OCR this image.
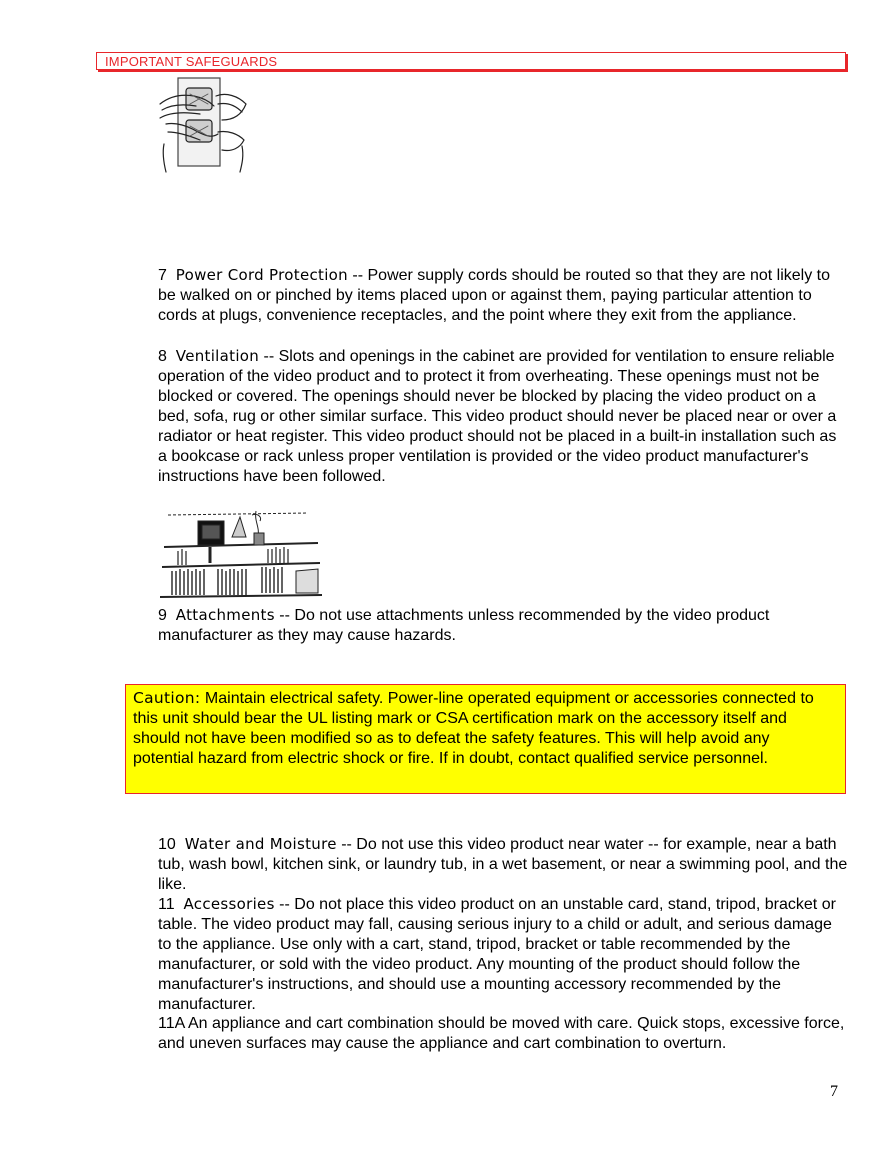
IMPORTANT SAFEGUARDS
7 Power Cord Protection -- Power supply cords should be routed so that they are not likely to be walked on or pinched by items placed upon or against them, paying particular attention to cords at plugs, convenience receptacles, and the point where they exit from the appliance.
8 Ventilation -- Slots and openings in the cabinet are provided for ventilation to ensure reliable operation of the video product and to protect it from overheating. These openings must not be blocked or covered. The openings should never be blocked by placing the video product on a bed, sofa, rug or other similar surface. This video product should never be placed near or over a radiator or heat register. This video product should not be placed in a built-in installation such as a bookcase or rack unless proper ventilation is provided or the video product manufacturer's instructions have been followed.
9 Attachments -- Do not use attachments unless recommended by the video product manufacturer as they may cause hazards.
Caution: Maintain electrical safety. Power-line operated equipment or accessories connected to this unit should bear the UL listing mark or CSA certification mark on the accessory itself and should not have been modified so as to defeat the safety features. This will help avoid any potential hazard from electric shock or fire. If in doubt, contact qualified service personnel.
10 Water and Moisture -- Do not use this video product near water -- for example, near a bath tub, wash bowl, kitchen sink, or laundry tub, in a wet basement, or near a swimming pool, and the like.
11 Accessories -- Do not place this video product on an unstable card, stand, tripod, bracket or table. The video product may fall, causing serious injury to a child or adult, and serious damage to the appliance. Use only with a cart, stand, tripod, bracket or table recommended by the manufacturer, or sold with the video product. Any mounting of the product should follow the manufacturer's instructions, and should use a mounting accessory recommended by the manufacturer.
11A An appliance and cart combination should be moved with care. Quick stops, excessive force, and uneven surfaces may cause the appliance and cart combination to overturn.
7
